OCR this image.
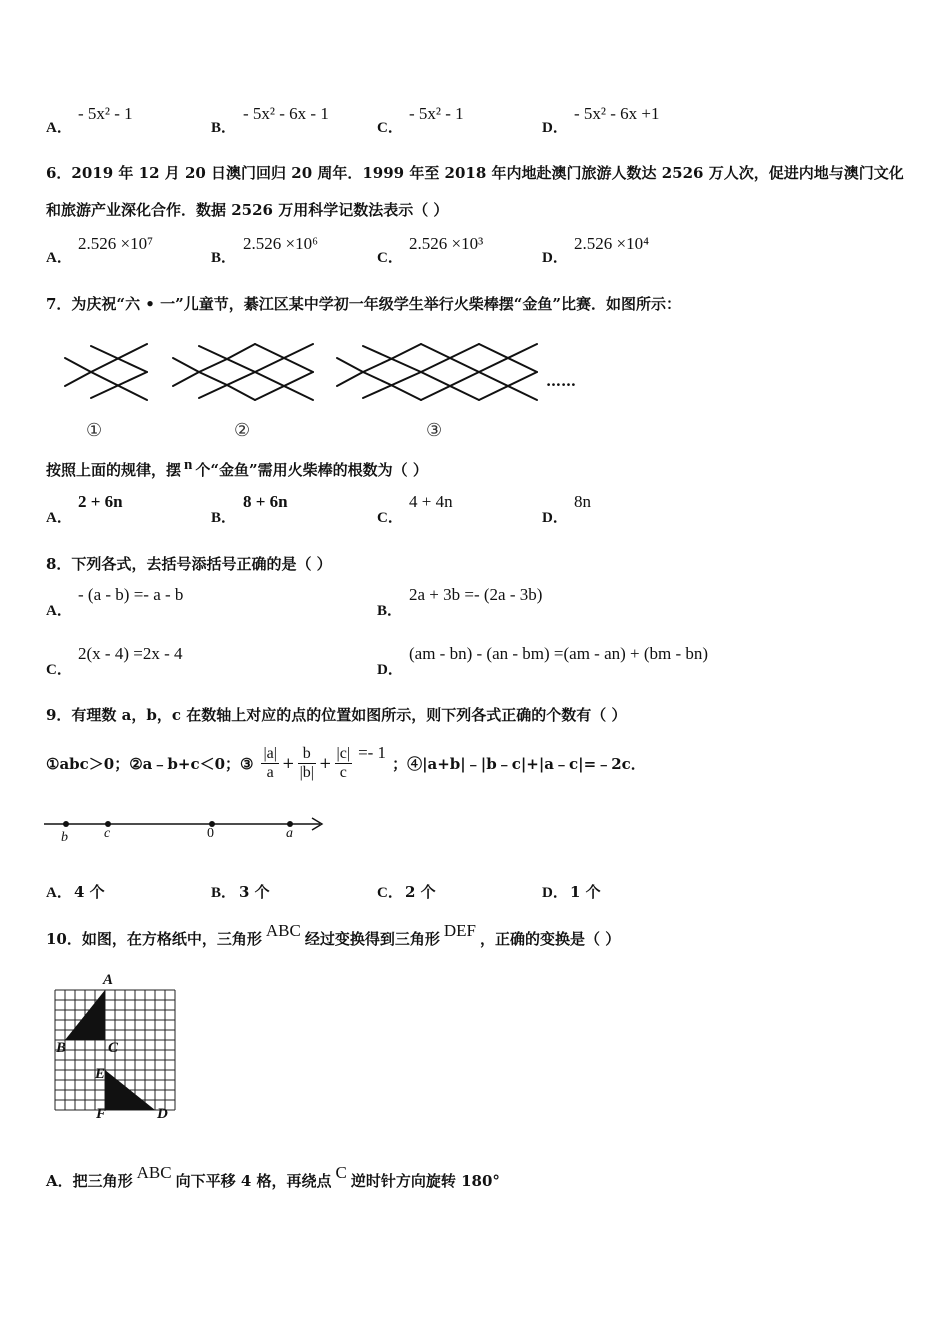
A．
- 5x² - 1
B．
- 5x² - 6x - 1
C．
- 5x² - 1
D．
- 5x² - 6x +1
6．2019 年 12 月 20 日澳门回归 20 周年．1999 年至 2018 年内地赴澳门旅游人数达 2526 万人次，促进内地与澳门文化
和旅游产业深化合作．数据 2526 万用科学记数法表示（ ）
A．
2.526 ×10⁷
B．
2.526 ×10⁶
C．
2.526 ×10³
D．
2.526 ×10⁴
7．为庆祝“六 • 一”儿童节，綦江区某中学初一年级学生举行火柴棒摆“金鱼”比赛．如图所示：
①	②	③
……
按照上面的规律，摆 n 个“金鱼”需用火柴棒的根数为（ ）
A．
2 + 6n
B．
8 + 6n
C．
4 + 4n
D．
8n
8．下列各式，去括号添括号正确的是（ ）
A．
- (a - b) =- a - b
B．
2a + 3b =- (2a - 3b)
C．
2(x - 4) =2x - 4
D．
(am - bn) - (an - bm) =(am - an) + (bm - bn)
9．有理数 a，b，c 在数轴上对应的点的位置如图所示，则下列各式正确的个数有（ ）
①abc＞0；②a﹣b+c＜0；③ $\frac{|a|}{a} + \frac{b}{|b|} + \frac{|c|}{c} =- 1$
；④|a+b|﹣|b﹣c|+|a﹣c|=﹣2c．
b	c	0	a
A． 4 个	B． 3 个	C． 2 个	D． 1 个
10．如图，在方格纸中，三角形 ABC 经过变换得到三角形 DEF ，正确的变换是（ ）
A
B	C
E
F	D
A．把三角形 ABC 向下平移 4 格，再绕点 C 逆时针方向旋转 180°
